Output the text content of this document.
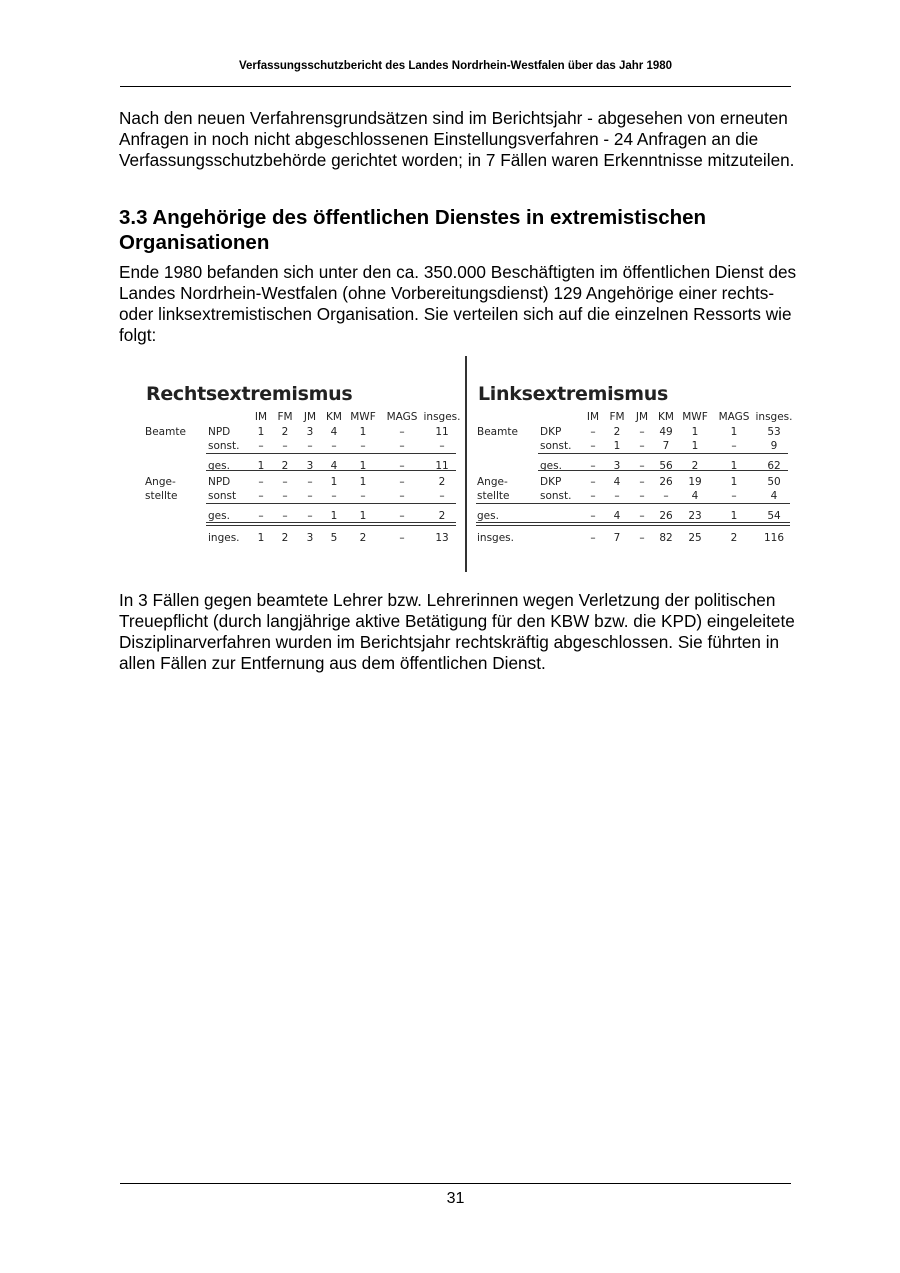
Verfassungsschutzbericht des Landes Nordrhein-Westfalen über das Jahr 1980

Nach den neuen Verfahrensgrundsätzen sind im Berichtsjahr - abgesehen von erneuten Anfragen in noch nicht abgeschlossenen Einstellungsverfahren - 24 Anfragen an die Verfassungsschutzbehörde gerichtet worden; in 7 Fällen waren Erkenntnisse mitzuteilen.

3.3 Angehörige des öffentlichen Dienstes in extremistischen Organisationen

Ende 1980 befanden sich unter den ca. 350.000 Beschäftigten im öffentlichen Dienst des Landes Nordrhein-Westfalen (ohne Vorbereitungsdienst) 129 Angehörige einer rechts- oder linksextremistischen Organisation. Sie verteilen sich auf die einzelnen Ressorts wie folgt:

Rechtsextremismus
IM FM	JM KM MWF	MAGS insges.
Beamte NPD	1	2	3	4	1	–	11
sonst.	–	–	–	–	–	–	–
ges.	1	2	3	4	1	–	11
Ange-	NPD	–	–	–	1	1	–	2
stellte	sonst	–	–	–	–	–	–	–
ges.	–	–	–	1	1	–	2
inges.	1	2	3	5	2	–	13
Linksextremismus
IM FM	JM KM MWF	MAGS insges.
Beamte DKP	–	2	–	49	1	1	53
sonst.	–	1	–	7	1	–	9
ges.	–	3	–	56	2	1	62
Ange-	DKP	–	4	–	26	19	1	50
stellte	sonst.	–	–	–	–	4	–	4
ges.	–	4	–	26	23	1	54
insges.	–	7	–	82	25	2	116

In 3 Fällen gegen beamtete Lehrer bzw. Lehrerinnen wegen Verletzung der politischen Treuepflicht (durch langjährige aktive Betätigung für den KBW bzw. die KPD) eingeleitete Disziplinarverfahren wurden im Berichtsjahr rechtskräftig abgeschlossen. Sie führten in allen Fällen zur Entfernung aus dem öffentlichen Dienst.

31
